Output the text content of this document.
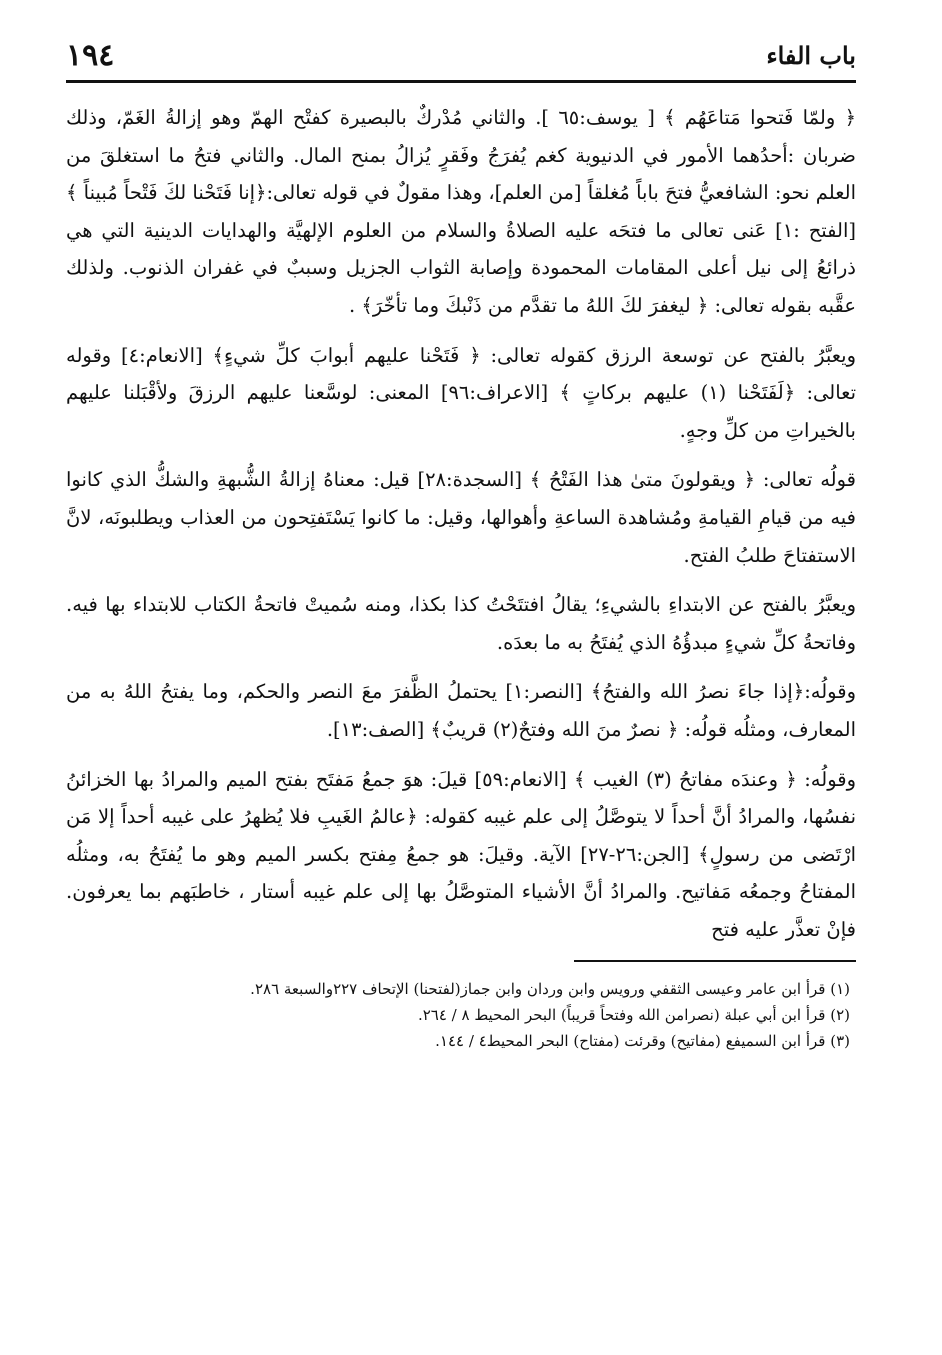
باب الفاء
١٩٤

﴿ ولمّا فَتحوا مَتاعَهُم ﴾ [ يوسف:٦٥ ]. والثاني مُدْركٌ بالبصيرة كفتْح الهمّ وهو إزالةُ الغَمّ، وذلك ضربان :أحدُهما الأمور في الدنيوية كغم يُفرَجُ وفَقرٍ يُزالُ بمنح المال. والثاني فتحُ ما استغلقَ من العلم نحو: الشافعيُّ فتحَ باباً مُغلقاً [من العلم]، وهذا مقولٌ في قوله تعالى:﴿إنا فَتَحْنا لكَ فَتْحاً مُبيناً ﴾ [الفتح :١] عَنى تعالى ما فتحَه عليه الصلاةُ والسلام من العلوم الإلهيَّة والهدايات الدينية التي هي ذرائعُ إلى نيل أعلى المقامات المحمودة وإصابة الثواب الجزيل وسببٌ في غفران الذنوب. ولذلك عقَّبه بقوله تعالى: ﴿ ليغفرَ لكَ اللهُ ما تقدَّم من ذَنْبكَ وما تأخّرَ﴾ .

ويعبَّرُ بالفتح عن توسعة الرزق كقوله تعالى: ﴿ فَتَحْنا عليهم أبوابَ كلِّ شيءٍ﴾ [الانعام:٤] وقوله تعالى: ﴿لَفَتَحْنا (١) عليهم بركاتٍ ﴾ [الاعراف:٩٦] المعنى: لوسَّعنا عليهم الرزقَ ولأقْبَلنا عليهم بالخيراتِ من كلِّ وجهٍ.

قولُه تعالى: ﴿ ويقولونَ متىٰ هذا الفَتْحُ ﴾ [السجدة:٢٨] قيل: معناهُ إزالةُ الشُّبهةِ والشكُّ الذي كانوا فيه من قيامِ القيامةِ ومُشاهدة الساعةِ وأهوالها، وقيل: ما كانوا يَسْتَفتِحون من العذاب ويطلبونَه، لانَّ الاستفتاحَ طلبُ الفتح.

ويعبَّرُ بالفتح عن الابتداءِ بالشيءِ؛ يقالُ افتتَحْتُ كذا بكذا، ومنه سُميتْ فاتحةُ الكتاب للابتداء بها فيه. وفاتحةُ كلِّ شيءٍ مبدؤُهُ الذي يُفتَحُ به ما بعدَه.

وقولُه:﴿إذا جاءَ نصرُ الله والفتحُ﴾ [النصر:١] يحتملُ الظَّفرَ معَ النصر والحكم، وما يفتحُ اللهُ به من المعارف، ومثلُه قولُه: ﴿ نصرٌ منَ الله وفتحٌ(٢) قريبٌ﴾ [الصف:١٣].

وقولُه: ﴿ وعندَه مفاتحُ (٣) الغيب ﴾ [الانعام:٥٩] قيلَ: هوَ جمعُ مَفتَح بفتح الميم والمرادُ بها الخزائنُ نفسُها، والمرادُ أنَّ أحداً لا يتوصَّلُ إلى علم غيبه كقوله: ﴿عالمُ الغَيبِ فلا يُظهرُ على غيبه أحداً إلا مَن ارْتَضى من رسولٍ﴾ [الجن:٢٦-٢٧] الآية. وقيلَ: هو جمعُ مِفتح بكسر الميم وهو ما يُفتَحُ به، ومثلُه المفتاحُ وجمعُه مَفاتيح. والمرادُ أنَّ الأشياء المتوصَّلُ بها إلى علم غيبه أستار ، خاطبَهم بما يعرفون. فإنْ تعذَّر عليه فتح

(١) قرأ ابن عامر وعيسى الثقفي ورويس وابن وردان وابن جماز(لفتحنا) الإتحاف ٢٢٧والسبعة ٢٨٦.

(٢) قرأ ابن أبي عبلة (نصرامن الله وفتحاً قريباً) البحر المحيط ٨ / ٢٦٤.

(٣) قرأ ابن السميفع (مفاتيح) وقرئت (مفتاح) البحر المحيط٤ / ١٤٤.
